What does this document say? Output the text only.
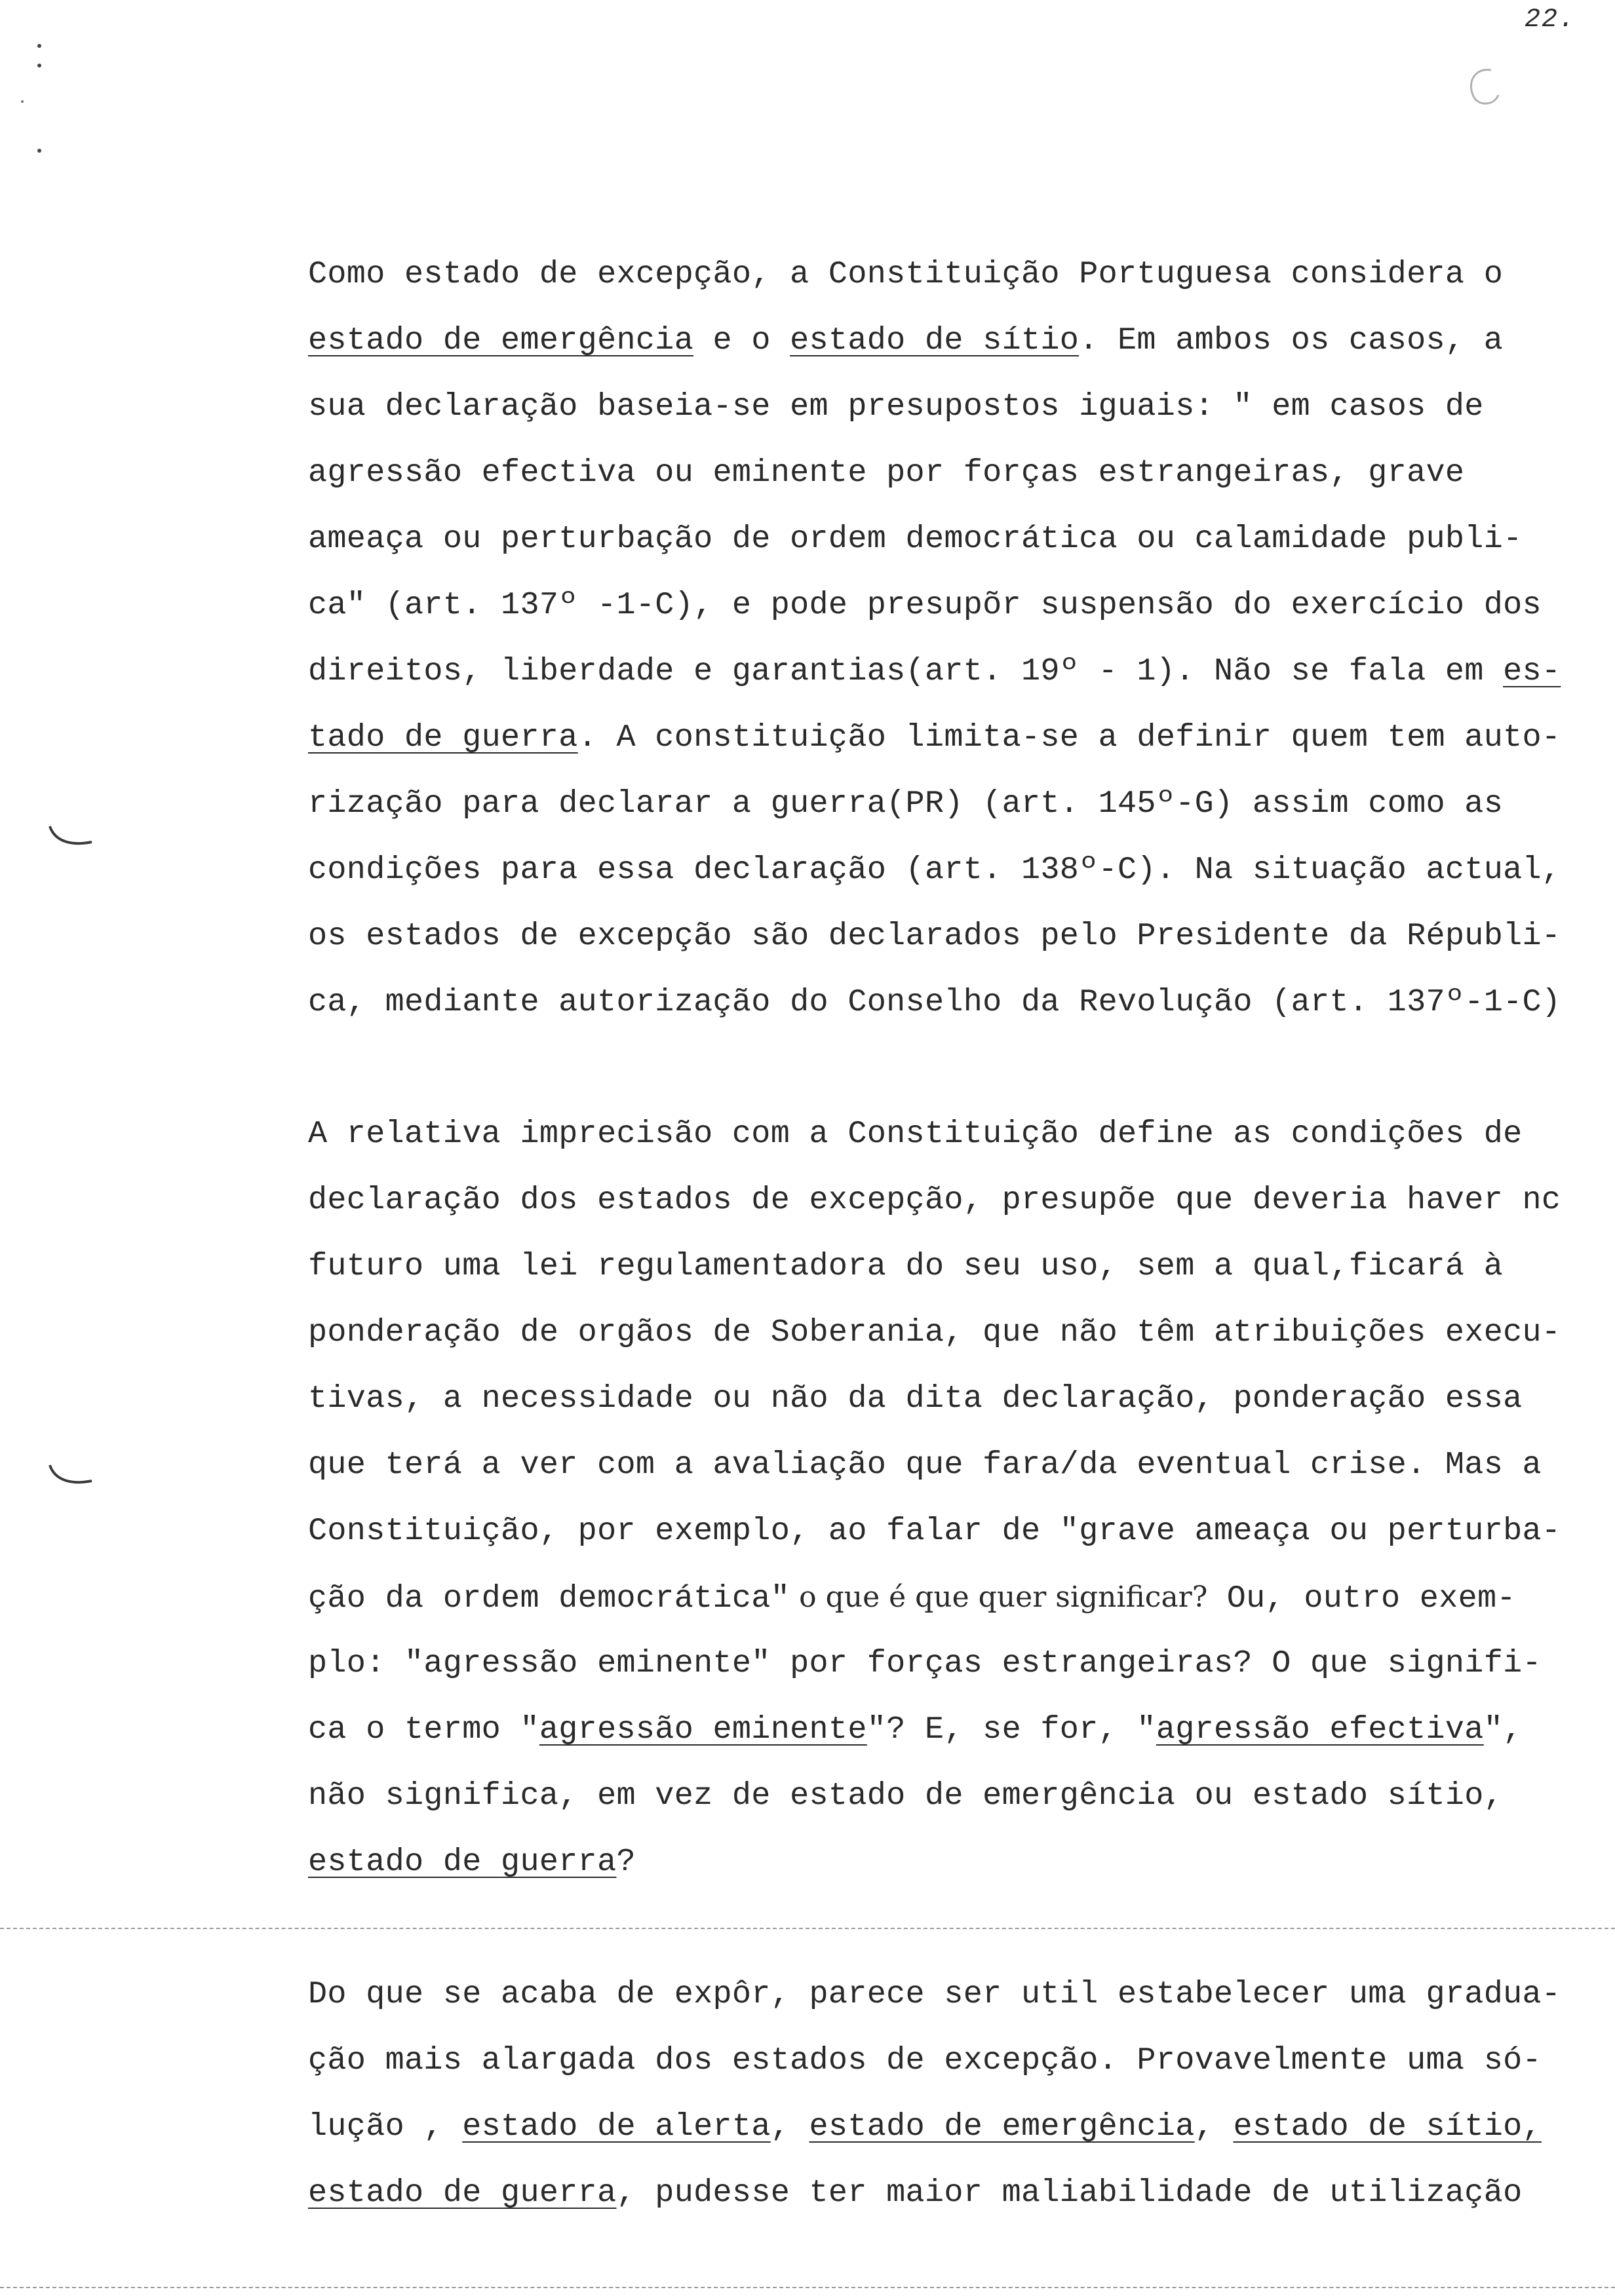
22.
Como estado de excepção, a Constituição Portuguesa considera o
estado de emergência e o estado de sítio. Em ambos os casos, a
sua declaração baseia-se em presupostos iguais: " em casos de
agressão efectiva ou eminente por forças estrangeiras, grave
ameaça ou perturbação de ordem democrática ou calamidade publi-
ca" (art. 137º -1-C), e pode presupõr suspensão do exercício dos
direitos, liberdade e garantias(art. 19º - 1). Não se fala em es-
tado de guerra. A constituição limita-se a definir quem tem auto-
rização para declarar a guerra(PR) (art. 145º-G) assim como as
condições para essa declaração (art. 138º-C). Na situação actual,
os estados de excepção são declarados pelo Presidente da Républi-
ca, mediante autorização do Conselho da Revolução (art. 137º-1-C)
A relativa imprecisão com a Constituição define as condições de
declaração dos estados de excepção, presupõe que deveria haver nc
futuro uma lei regulamentadora do seu uso, sem a qual,ficará à
ponderação de orgãos de Soberania, que não têm atribuições execu-
tivas, a necessidade ou não da dita declaração, ponderação essa
que terá a ver com a avaliação que fara/da eventual crise. Mas a
Constituição, por exemplo, ao falar de "grave ameaça ou perturba-
ção da ordem democrática" o que é que quer significar? Ou, outro exem-
plo: "agressão eminente" por forças estrangeiras? O que signifi-
ca o termo "agressão eminente"? E, se for, "agressão efectiva",
não significa, em vez de estado de emergência ou estado sítio,
estado de guerra?
Do que se acaba de expôr, parece ser util estabelecer uma gradua-
ção mais alargada dos estados de excepção. Provavelmente uma só-
lução , estado de alerta, estado de emergência, estado de sítio,
estado de guerra, pudesse ter maior maliabilidade de utilização
